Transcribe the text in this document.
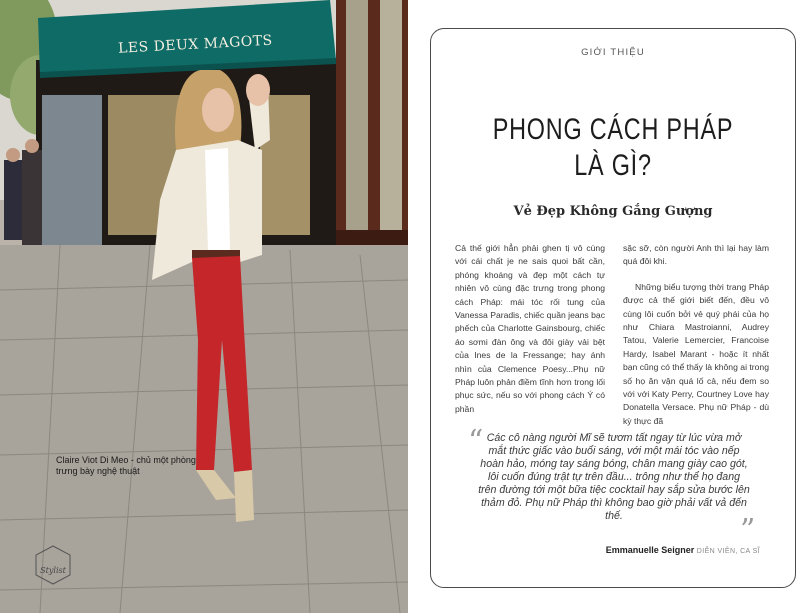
LES DEUX MAGOTS
Claire Viot Di Meo - chủ một phòng trưng bày nghệ thuật
Stylist
GIỚI THIỆU
PHONG CÁCH PHÁP
LÀ GÌ?
Vẻ Đẹp Không Gắng Gượng

Cả thế giới hẳn phải ghen tị vô cùng với cái chất je ne sais quoi bất cần, phóng khoáng và đẹp một cách tự nhiên vô cùng đặc trưng trong phong cách Pháp: mái tóc rối tung của Vanessa Paradis, chiếc quần jeans bạc phếch của Charlotte Gainsbourg, chiếc áo sơmi đàn ông và đôi giày vải bệt của Ines de la Fressange; hay ánh nhìn của Clemence Poesy...Phụ nữ Pháp luôn phản điềm tĩnh hơn trong lối phục sức, nếu so với phong cách Ý có phần

sặc sỡ, còn người Anh thì lại hay làm quá đôi khi.

Những biểu tượng thời trang Pháp được cả thế giới biết đến, đều vô cùng lôi cuốn bởi vẻ quý phái của họ như Chiara Mastroianni, Audrey Tatou, Valerie Lemercier, Francoise Hardy, Isabel Marant - hoặc ít nhất bạn cũng có thể thấy là không ai trong số họ ăn vận quá lố cả, nếu đem so với với Katy Perry, Courtney Love hay Donatella Versace. Phụ nữ Pháp - dù kỳ thực đã

“ Các cô nàng người Mĩ sẽ tươm tất ngay từ lúc vừa mở mắt thức giấc vào buổi sáng, với một mái tóc vào nếp hoàn hảo, móng tay sáng bóng, chân mang giày cao gót, lôi cuốn đúng trật tự trên đầu... trông như thể họ đang trên đường tới một bữa tiệc cocktail hay sắp sửa bước lên thảm đỏ. Phụ nữ Pháp thì không bao giờ phải vất vả đến thế.	”
Emmanuelle Seigner DIỄN VIÊN, CA SĨ
